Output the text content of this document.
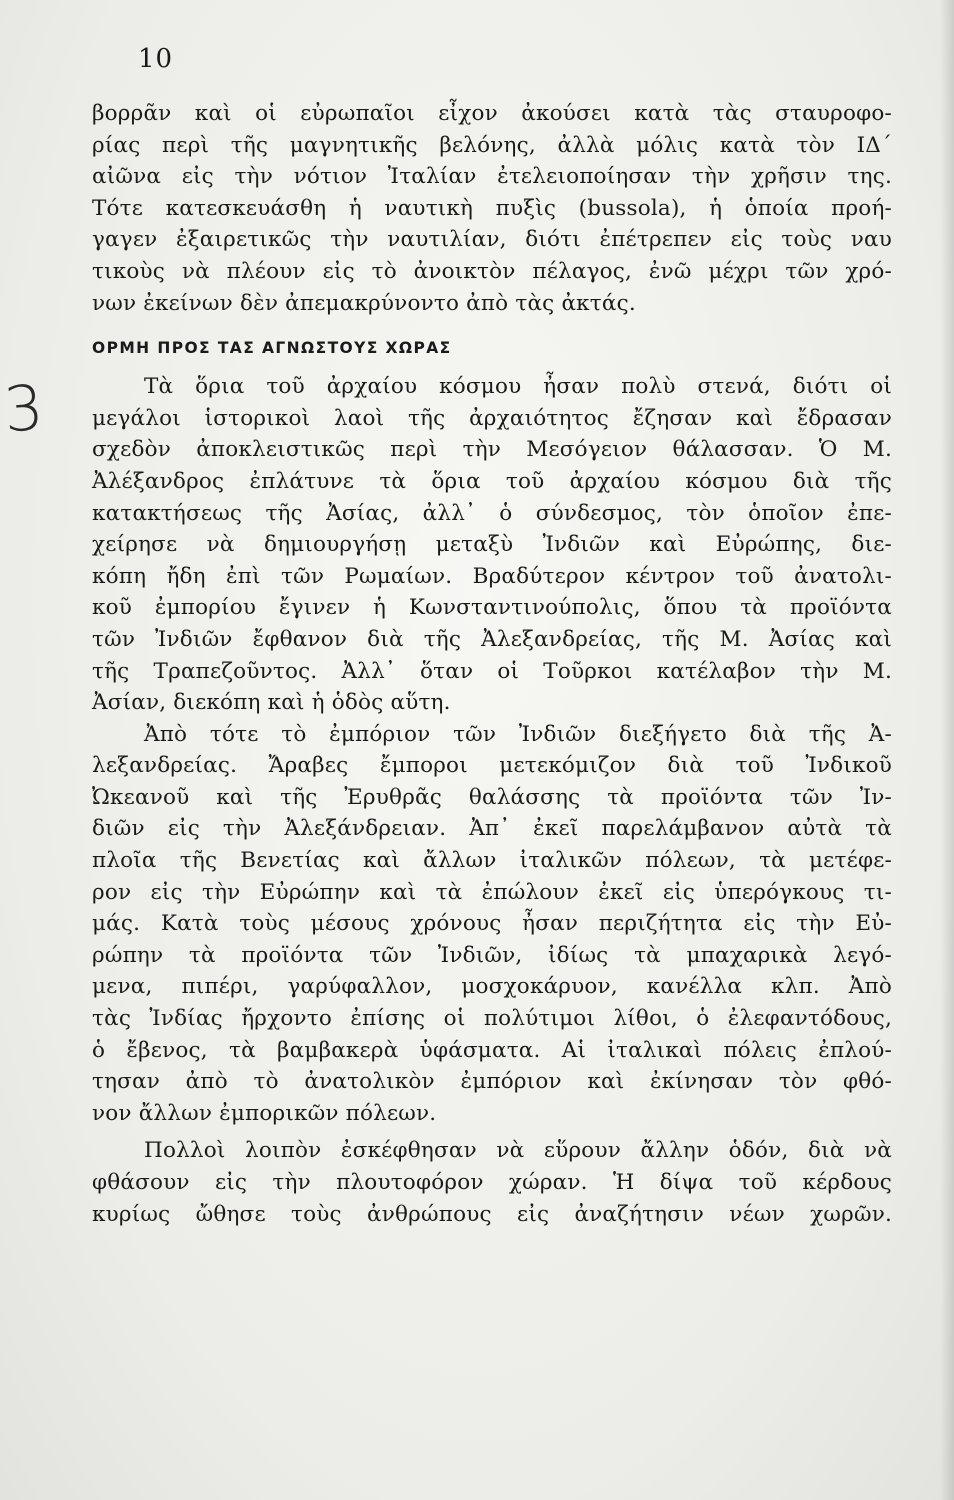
10
3
βορρᾶν καὶ οἱ εὐρωπαῖοι εἶχον ἀκούσει κατὰ τὰς σταυροφο-
ρίας περὶ τῆς μαγνητικῆς βελόνης, ἀλλὰ μόλις κατὰ τὸν ΙΔ΄
αἰῶνα εἰς τὴν νότιον Ἰταλίαν ἐτελειοποίησαν τὴν χρῆσιν της.
Τότε κατεσκευάσθη ἡ ναυτικὴ πυξὶς (bussola), ἡ ὁποία προή-
γαγεν ἐξαιρετικῶς τὴν ναυτιλίαν, διότι ἐπέτρεπεν εἰς τοὺς ναυ
τικοὺς νὰ πλέουν εἰς τὸ ἀνοικτὸν πέλαγος, ἐνῶ μέχρι τῶν χρό-
νων ἐκείνων δὲν ἀπεμακρύνοντο ἀπὸ τὰς ἀκτάς.
ΟΡΜΗ ΠΡΟΣ ΤΑΣ ΑΓΝΩΣΤΟΥΣ ΧΩΡΑΣ
Τὰ ὅρια τοῦ ἀρχαίου κόσμου ἦσαν πολὺ στενά, διότι οἱ
μεγάλοι ἱστορικοὶ λαοὶ τῆς ἀρχαιότητος ἔζησαν καὶ ἔδρασαν
σχεδὸν ἀποκλειστικῶς περὶ τὴν Μεσόγειον θάλασσαν. Ὁ Μ.
Ἀλέξανδρος ἐπλάτυνε τὰ ὅρια τοῦ ἀρχαίου κόσμου διὰ τῆς
κατακτήσεως τῆς Ἀσίας, ἀλλ᾽ ὁ σύνδεσμος, τὸν ὁποῖον ἐπε-
χείρησε νὰ δημιουργήσῃ μεταξὺ Ἰνδιῶν καὶ Εὐρώπης, διε-
κόπη ἤδη ἐπὶ τῶν Ρωμαίων. Βραδύτερον κέντρον τοῦ ἀνατολι-
κοῦ ἐμπορίου ἔγινεν ἡ Κωνσταντινούπολις, ὅπου τὰ προϊόντα
τῶν Ἰνδιῶν ἔφθανον διὰ τῆς Ἀλεξανδρείας, τῆς Μ. Ἀσίας καὶ
τῆς Τραπεζοῦντος. Ἀλλ᾽ ὅταν οἱ Τοῦρκοι κατέλαβον τὴν Μ.
Ἀσίαν, διεκόπη καὶ ἡ ὁδὸς αὕτη.
Ἀπὸ τότε τὸ ἐμπόριον τῶν Ἰνδιῶν διεξήγετο διὰ τῆς Ἀ-
λεξανδρείας. Ἄραβες ἔμποροι μετεκόμιζον διὰ τοῦ Ἰνδικοῦ
Ὠκεανοῦ καὶ τῆς Ἐρυθρᾶς θαλάσσης τὰ προϊόντα τῶν Ἰν-
διῶν εἰς τὴν Ἀλεξάνδρειαν. Ἀπ᾽ ἐκεῖ παρελάμβανον αὐτὰ τὰ
πλοῖα τῆς Βενετίας καὶ ἄλλων ἰταλικῶν πόλεων, τὰ μετέφε-
ρον εἰς τὴν Εὐρώπην καὶ τὰ ἐπώλουν ἐκεῖ εἰς ὑπερόγκους τι-
μάς. Κατὰ τοὺς μέσους χρόνους ἦσαν περιζήτητα εἰς τὴν Εὐ-
ρώπην τὰ προϊόντα τῶν Ἰνδιῶν, ἰδίως τὰ μπαχαρικὰ λεγό-
μενα, πιπέρι, γαρύφαλλον, μοσχοκάρυον, κανέλλα κλπ. Ἀπὸ
τὰς Ἰνδίας ἤρχοντο ἐπίσης οἱ πολύτιμοι λίθοι, ὁ ἐλεφαντόδους,
ὁ ἔβενος, τὰ βαμβακερὰ ὑφάσματα. Αἱ ἰταλικαὶ πόλεις ἐπλού-
τησαν ἀπὸ τὸ ἀνατολικὸν ἐμπόριον καὶ ἐκίνησαν τὸν φθό-
νον ἄλλων ἐμπορικῶν πόλεων.
Πολλοὶ λοιπὸν ἐσκέφθησαν νὰ εὕρουν ἄλλην ὁδόν, διὰ νὰ
φθάσουν εἰς τὴν πλουτοφόρον χώραν. Ἡ δίψα τοῦ κέρδους
κυρίως ὤθησε τοὺς ἀνθρώπους εἰς ἀναζήτησιν νέων χωρῶν.
